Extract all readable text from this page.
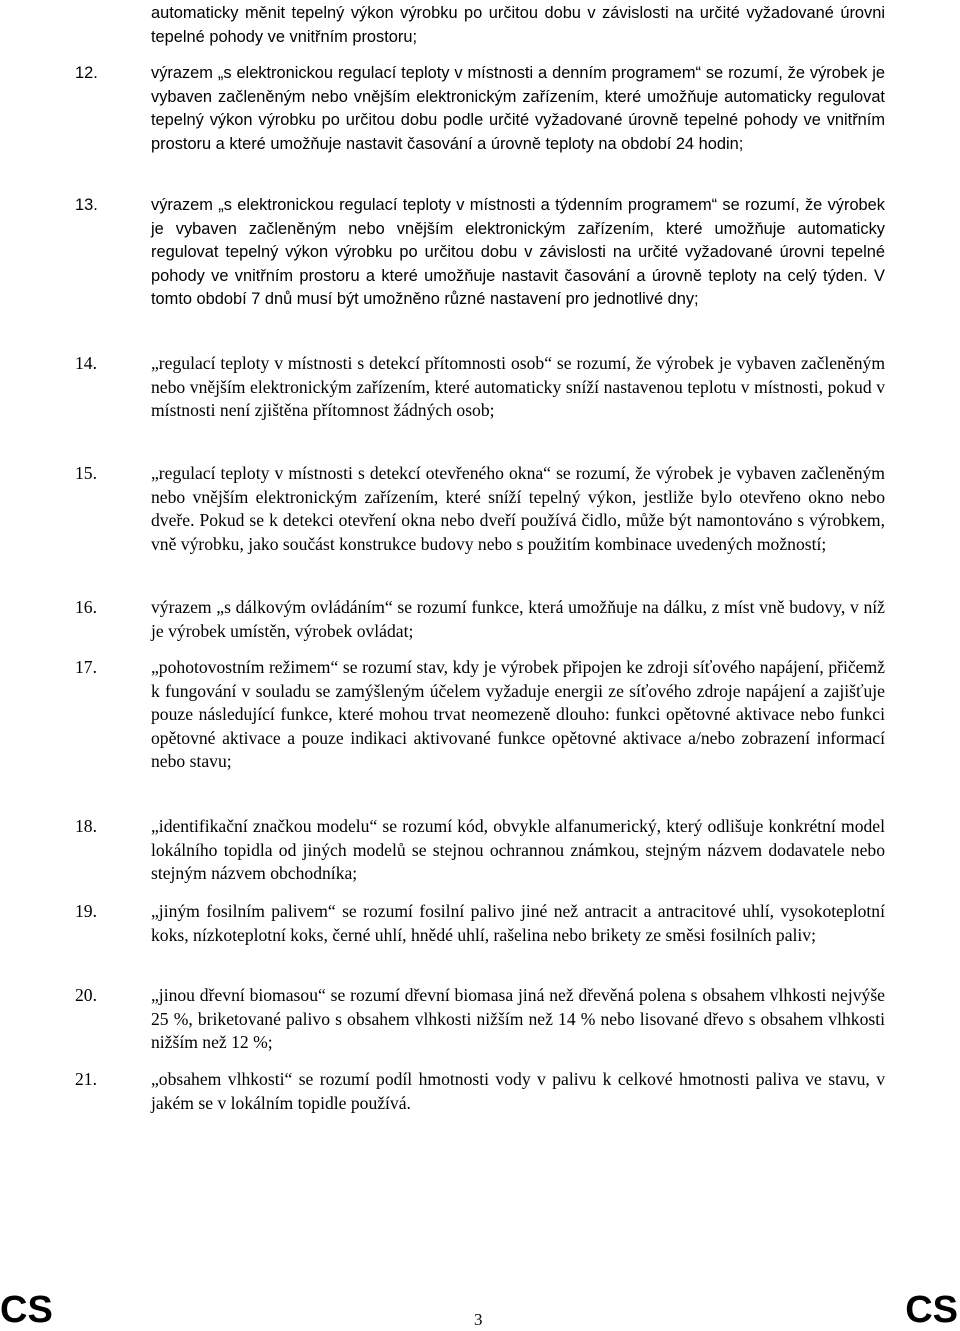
automaticky měnit tepelný výkon výrobku po určitou dobu v závislosti na určité vyžadované úrovni tepelné pohody ve vnitřním prostoru;
12.	výrazem „s elektronickou regulací teploty v místnosti a denním programem“ se rozumí, že výrobek je vybaven začleněným nebo vnějším elektronickým zařízením, které umožňuje automaticky regulovat tepelný výkon výrobku po určitou dobu podle určité vyžadované úrovně tepelné pohody ve vnitřním prostoru a které umožňuje nastavit časování a úrovně teploty na období 24 hodin;
13.	výrazem „s elektronickou regulací teploty v místnosti a týdenním programem“ se rozumí, že výrobek je vybaven začleněným nebo vnějším elektronickým zařízením, které umožňuje automaticky regulovat tepelný výkon výrobku po určitou dobu v závislosti na určité vyžadované úrovni tepelné pohody ve vnitřním prostoru a které umožňuje nastavit časování a úrovně teploty na celý týden. V tomto období 7 dnů musí být umožněno různé nastavení pro jednotlivé dny;
14.	„regulací teploty v místnosti s detekcí přítomnosti osob“ se rozumí, že výrobek je vybaven začleněným nebo vnějším elektronickým zařízením, které automaticky sníží nastavenou teplotu v místnosti, pokud v místnosti není zjištěna přítomnost žádných osob;
15.	„regulací teploty v místnosti s detekcí otevřeného okna“ se rozumí, že výrobek je vybaven začleněným nebo vnějším elektronickým zařízením, které sníží tepelný výkon, jestliže bylo otevřeno okno nebo dveře. Pokud se k detekci otevření okna nebo dveří používá čidlo, může být namontováno s výrobkem, vně výrobku, jako součást konstrukce budovy nebo s použitím kombinace uvedených možností;
16.	výrazem „s dálkovým ovládáním“ se rozumí funkce, která umožňuje na dálku, z míst vně budovy, v níž je výrobek umístěn, výrobek ovládat;
17.	„pohotovostním režimem“ se rozumí stav, kdy je výrobek připojen ke zdroji síťového napájení, přičemž k fungování v souladu se zamýšleným účelem vyžaduje energii ze síťového zdroje napájení a zajišťuje pouze následující funkce, které mohou trvat neomezeně dlouho: funkci opětovné aktivace nebo funkci opětovné aktivace a pouze indikaci aktivované funkce opětovné aktivace a/nebo zobrazení informací nebo stavu;
18.	„identifikační značkou modelu“ se rozumí kód, obvykle alfanumerický, který odlišuje konkrétní model lokálního topidla od jiných modelů se stejnou ochrannou známkou, stejným názvem dodavatele nebo stejným názvem obchodníka;
19.	„jiným fosilním palivem“ se rozumí fosilní palivo jiné než antracit a antracitové uhlí, vysokoteplotní koks, nízkoteplotní koks, černé uhlí, hnědé uhlí, rašelina nebo brikety ze směsi fosilních paliv;
20.	„jinou dřevní biomasou“ se rozumí dřevní biomasa jiná než dřevěná polena s obsahem vlhkosti nejvýše 25 %, briketované palivo s obsahem vlhkosti nižším než 14 % nebo lisované dřevo s obsahem vlhkosti nižším než 12 %;
21.	„obsahem vlhkosti“ se rozumí podíl hmotnosti vody v palivu k celkové hmotnosti paliva ve stavu, v jakém se v lokálním topidle používá.
CS	3	CS
